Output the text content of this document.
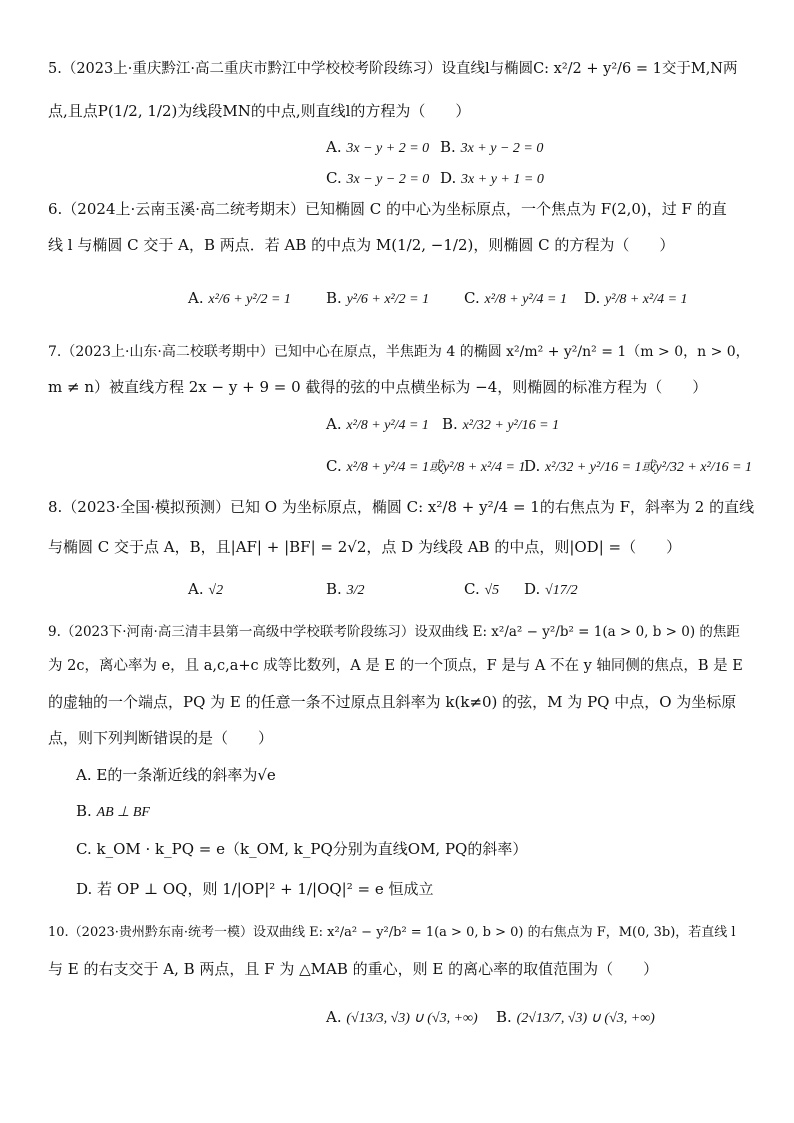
5.（2023上·重庆黔江·高二重庆市黔江中学校校考阶段练习）设直线l与椭圆C: x²/2 + y²/6 = 1交于M,N两
点,且点P(1/2, 1/2)为线段MN的中点,则直线l的方程为（　　）
A. 3x − y + 2 = 0 B. 3x + y − 2 = 0
C. 3x − y − 2 = 0 D. 3x + y + 1 = 0
6.（2024上·云南玉溪·高二统考期末）已知椭圆 C 的中心为坐标原点，一个焦点为 F(2,0)，过 F 的直
线 l 与椭圆 C 交于 A，B 两点．若 AB 的中点为 M(1/2, −1/2)，则椭圆 C 的方程为（　　）
A. x²/6 + y²/2 = 1 B. y²/6 + x²/2 = 1 C. x²/8 + y²/4 = 1 D. y²/8 + x²/4 = 1
7.（2023上·山东·高二校联考期中）已知中心在原点，半焦距为 4 的椭圆 x²/m² + y²/n² = 1（m > 0，n > 0，
m ≠ n）被直线方程 2x − y + 9 = 0 截得的弦的中点横坐标为 −4，则椭圆的标准方程为（　　）
A. x²/8 + y²/4 = 1 B. x²/32 + y²/16 = 1
C. x²/8 + y²/4 = 1或y²/8 + x²/4 = 1
D. x²/32 + y²/16 = 1或y²/32 + x²/16 = 1
8.（2023·全国·模拟预测）已知 O 为坐标原点，椭圆 C: x²/8 + y²/4 = 1的右焦点为 F，斜率为 2 的直线
与椭圆 C 交于点 A，B，且|AF| + |BF| = 2√2，点 D 为线段 AB 的中点，则|OD| =（　　）
A. √2	B. 3/2	C. √5 D. √17/2
9.（2023下·河南·高三清丰县第一高级中学校联考阶段练习）设双曲线 E: x²/a² − y²/b² = 1(a > 0, b > 0) 的焦距
为 2c，离心率为 e，且 a,c,a+c 成等比数列，A 是 E 的一个顶点，F 是与 A 不在 y 轴同侧的焦点，B 是 E
的虚轴的一个端点，PQ 为 E 的任意一条不过原点且斜率为 k(k≠0) 的弦，M 为 PQ 中点，O 为坐标原
点，则下列判断错误的是（　　）
A. E的一条渐近线的斜率为√e
B. AB ⊥ BF
C. k_OM · k_PQ = e（k_OM, k_PQ分别为直线OM, PQ的斜率）
D. 若 OP ⊥ OQ，则 1/|OP|² + 1/|OQ|² = e 恒成立
10.（2023·贵州黔东南·统考一模）设双曲线 E: x²/a² − y²/b² = 1(a > 0, b > 0) 的右焦点为 F，M(0, 3b)，若直线 l
与 E 的右支交于 A, B 两点，且 F 为 △MAB 的重心，则 E 的离心率的取值范围为（　　）
A. (√13/3, √3) ∪ (√3, +∞) B. (2√13/7, √3) ∪ (√3, +∞)
